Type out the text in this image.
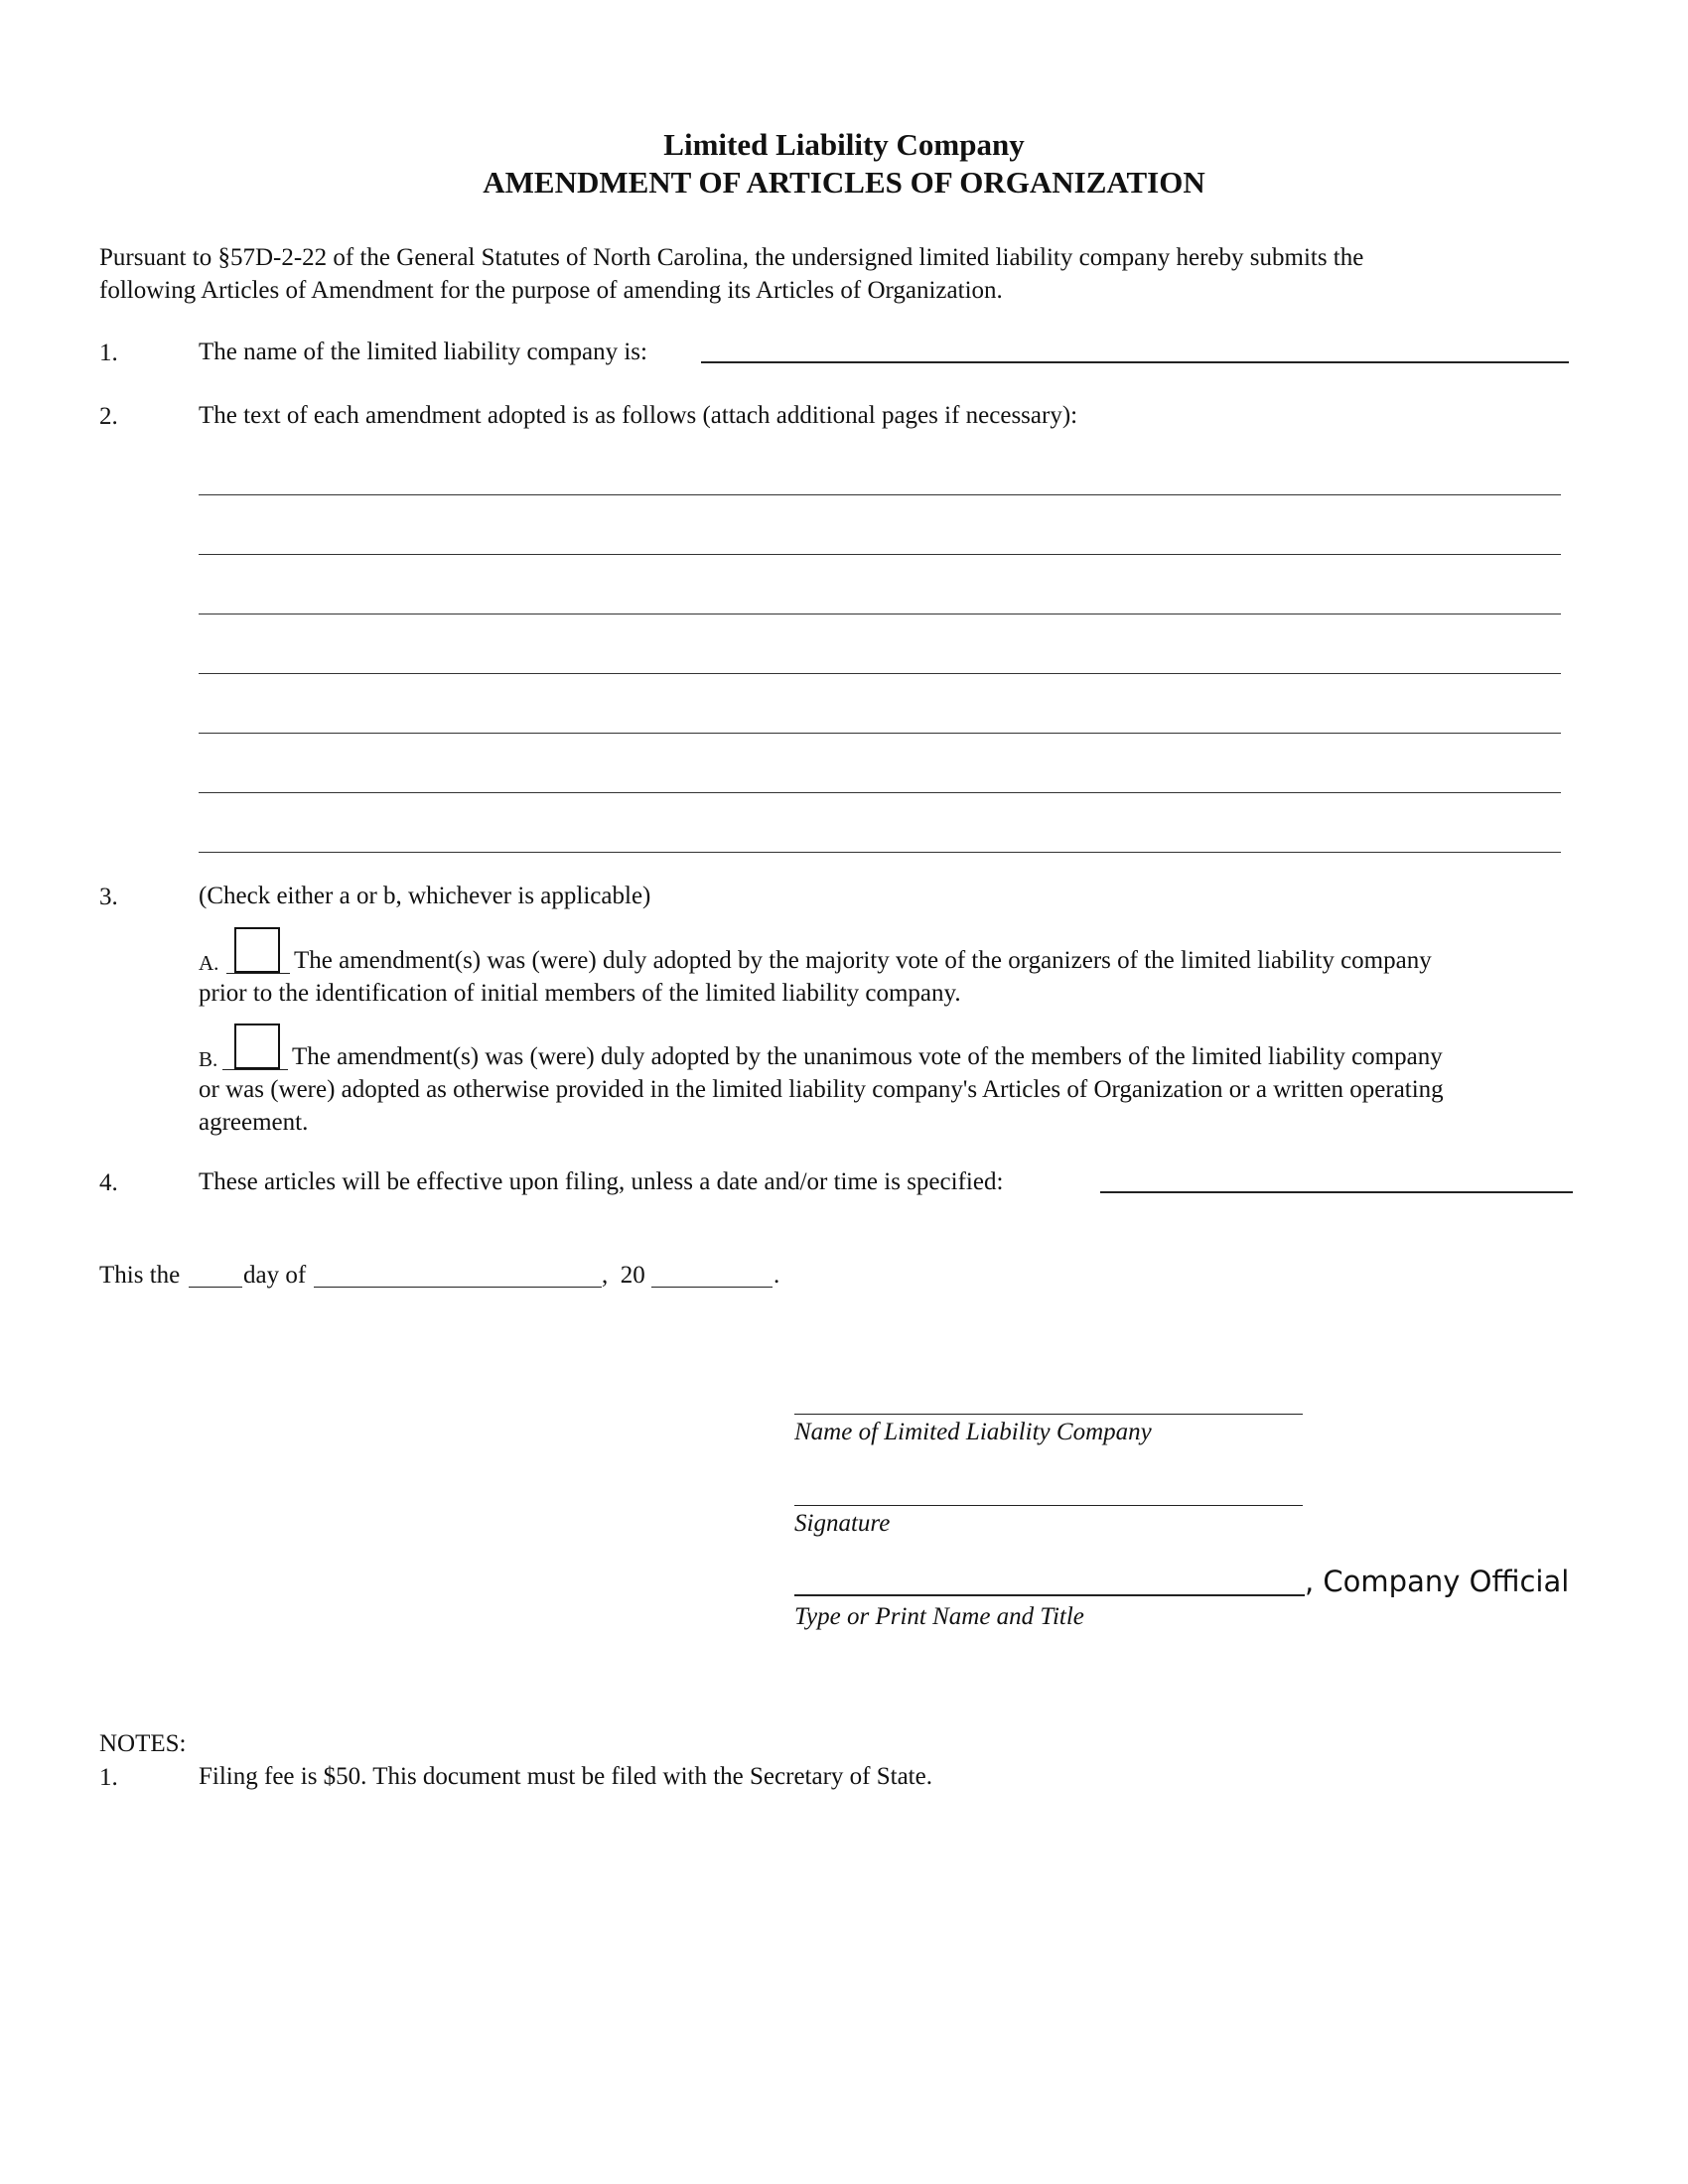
Limited Liability Company
AMENDMENT OF ARTICLES OF ORGANIZATION
Pursuant to §57D-2-22 of the General Statutes of North Carolina, the undersigned limited liability company hereby submits the
following Articles of Amendment for the purpose of amending its Articles of Organization.
1.	The name of the limited liability company is:
2.	The text of each amendment adopted is as follows (attach additional pages if necessary):
3.	(Check either a or b, whichever is applicable)
A.	The amendment(s) was (were) duly adopted by the majority vote of the organizers of the limited liability company
prior to the identification of initial members of the limited liability company.
B.	The amendment(s) was (were) duly adopted by the unanimous vote of the members of the limited liability company
or was (were) adopted as otherwise provided in the limited liability company's Articles of Organization or a written operating
agreement.
4.	These articles will be effective upon filing, unless a date and/or time is specified:
This the	day of	,  20	.
Name of Limited Liability Company
Signature
, Company Official
Type or Print Name and Title
NOTES:
1.	Filing fee is $50. This document must be filed with the Secretary of State.
